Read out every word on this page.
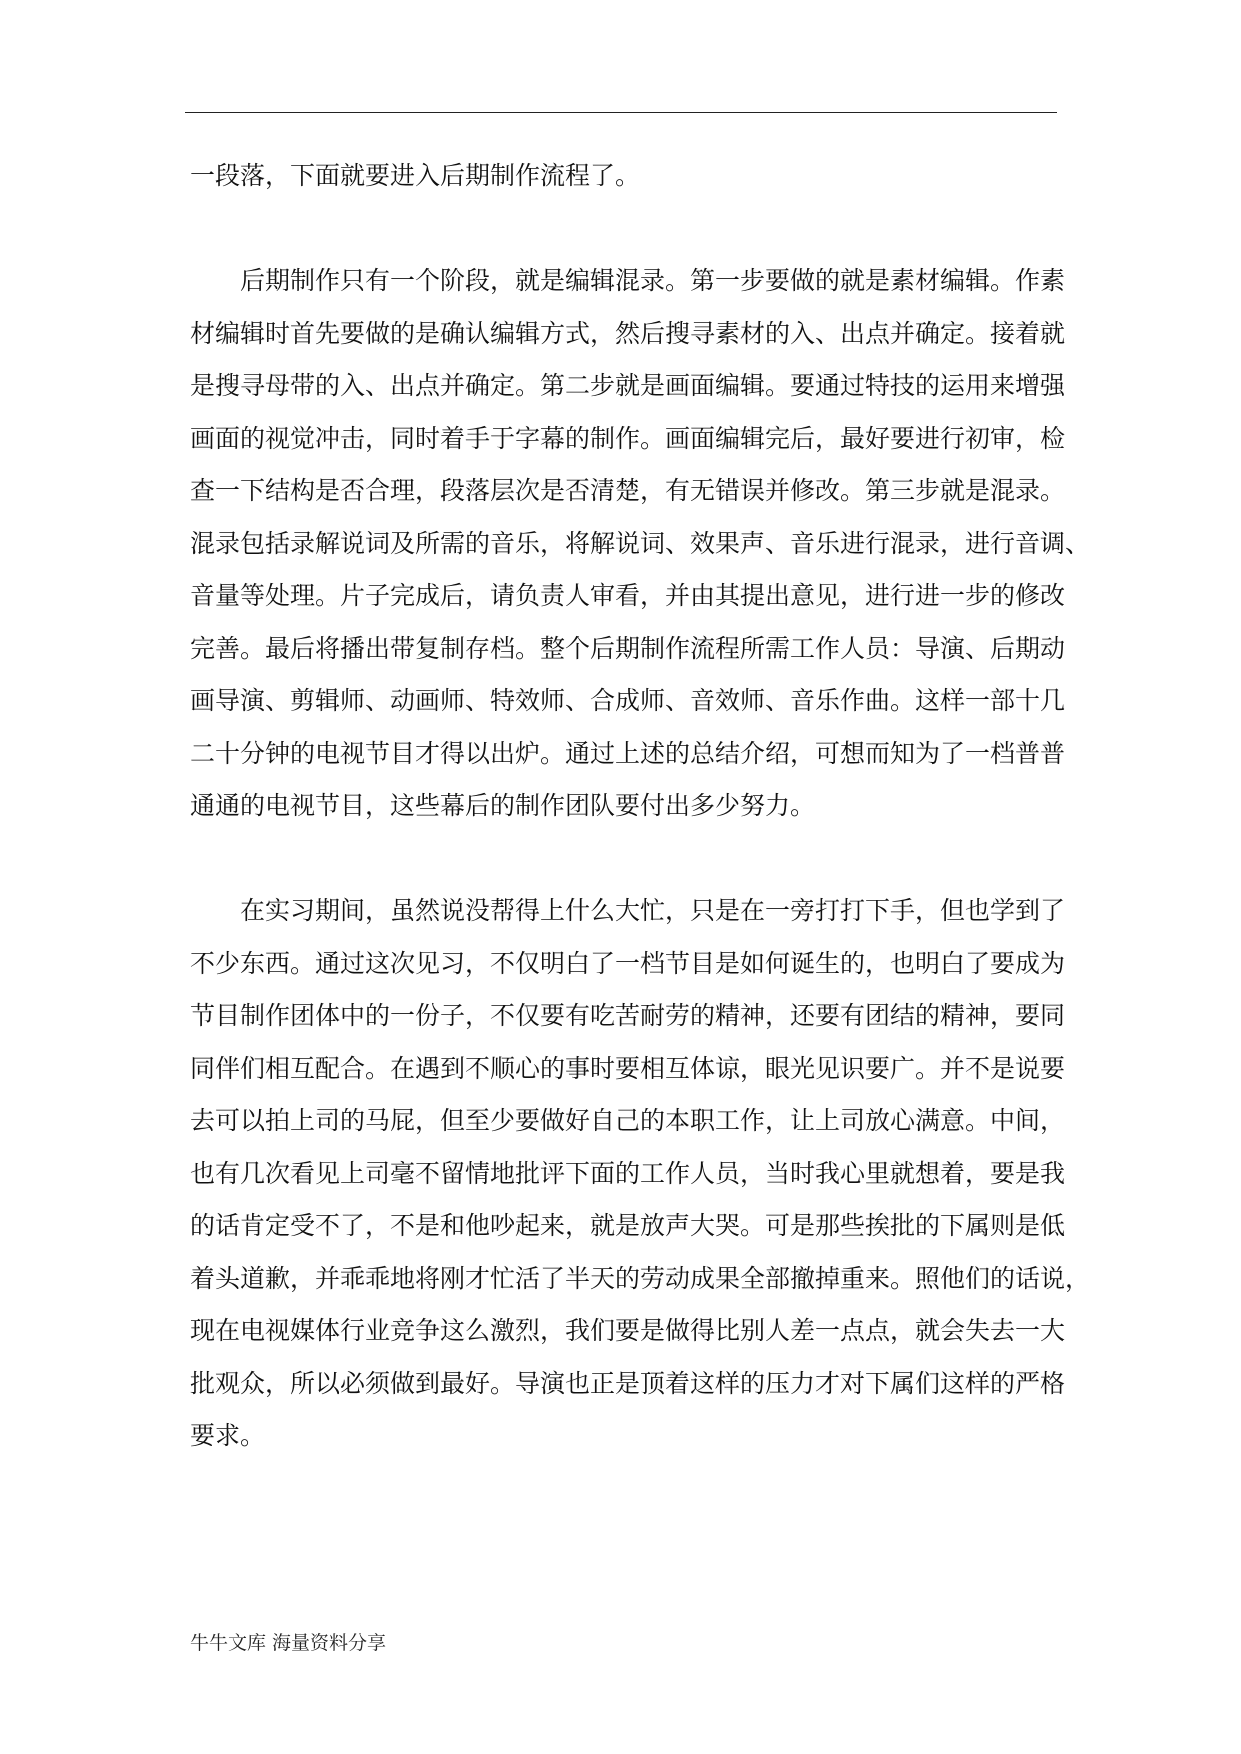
一段落，下面就要进入后期制作流程了。
后期制作只有一个阶段，就是编辑混录。第一步要做的就是素材编辑。作素
材编辑时首先要做的是确认编辑方式，然后搜寻素材的入、出点并确定。接着就
是搜寻母带的入、出点并确定。第二步就是画面编辑。要通过特技的运用来增强
画面的视觉冲击，同时着手于字幕的制作。画面编辑完后，最好要进行初审，检
查一下结构是否合理，段落层次是否清楚，有无错误并修改。第三步就是混录。
混录包括录解说词及所需的音乐，将解说词、效果声、音乐进行混录，进行音调、
音量等处理。片子完成后，请负责人审看，并由其提出意见，进行进一步的修改
完善。最后将播出带复制存档。整个后期制作流程所需工作人员：导演、后期动
画导演、剪辑师、动画师、特效师、合成师、音效师、音乐作曲。这样一部十几
二十分钟的电视节目才得以出炉。通过上述的总结介绍，可想而知为了一档普普
通通的电视节目，这些幕后的制作团队要付出多少努力。
在实习期间，虽然说没帮得上什么大忙，只是在一旁打打下手，但也学到了
不少东西。通过这次见习，不仅明白了一档节目是如何诞生的，也明白了要成为
节目制作团体中的一份子，不仅要有吃苦耐劳的精神，还要有团结的精神，要同
同伴们相互配合。在遇到不顺心的事时要相互体谅，眼光见识要广。并不是说要
去可以拍上司的马屁，但至少要做好自己的本职工作，让上司放心满意。中间，
也有几次看见上司毫不留情地批评下面的工作人员，当时我心里就想着，要是我
的话肯定受不了，不是和他吵起来，就是放声大哭。可是那些挨批的下属则是低
着头道歉，并乖乖地将刚才忙活了半天的劳动成果全部撤掉重来。照他们的话说，
现在电视媒体行业竞争这么激烈，我们要是做得比别人差一点点，就会失去一大
批观众，所以必须做到最好。导演也正是顶着这样的压力才对下属们这样的严格
要求。
牛牛文库 海量资料分享
